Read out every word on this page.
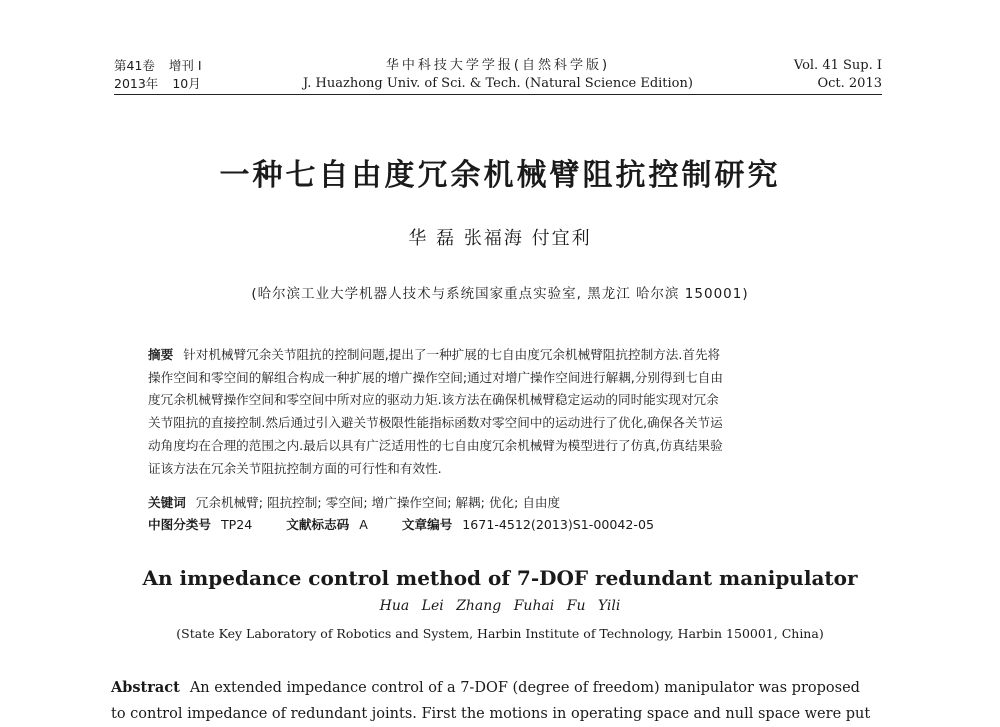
第41卷 增刊 I
2013年 10月
华中科技大学学报(自然科学版)
J. Huazhong Univ. of Sci. & Tech. (Natural Science Edition)
Vol. 41 Sup. I
Oct. 2013
一种七自由度冗余机械臂阻抗控制研究
华 磊 张福海 付宜利
(哈尔滨工业大学机器人技术与系统国家重点实验室, 黑龙江 哈尔滨 150001)
摘要 针对机械臂冗余关节阻抗的控制问题,提出了一种扩展的七自由度冗余机械臂阻抗控制方法.首先将
操作空间和零空间的解组合构成一种扩展的增广操作空间;通过对增广操作空间进行解耦,分别得到七自由
度冗余机械臂操作空间和零空间中所对应的驱动力矩.该方法在确保机械臂稳定运动的同时能实现对冗余
关节阻抗的直接控制.然后通过引入避关节极限性能指标函数对零空间中的运动进行了优化,确保各关节运
动角度均在合理的范围之内.最后以具有广泛适用性的七自由度冗余机械臂为模型进行了仿真,仿真结果验
证该方法在冗余关节阻抗控制方面的可行性和有效性.
关键词 冗余机械臂; 阻抗控制; 零空间; 增广操作空间; 解耦; 优化; 自由度
中图分类号 TP24	文献标志码 A	文章编号 1671-4512(2013)S1-00042-05
An impedance control method of 7-DOF redundant manipulator
Hua Lei Zhang Fuhai Fu Yili
(State Key Laboratory of Robotics and System, Harbin Institute of Technology, Harbin 150001, China)
Abstract An extended impedance control of a 7-DOF (degree of freedom) manipulator was proposed
to control impedance of redundant joints. First the motions in operating space and null space were put
